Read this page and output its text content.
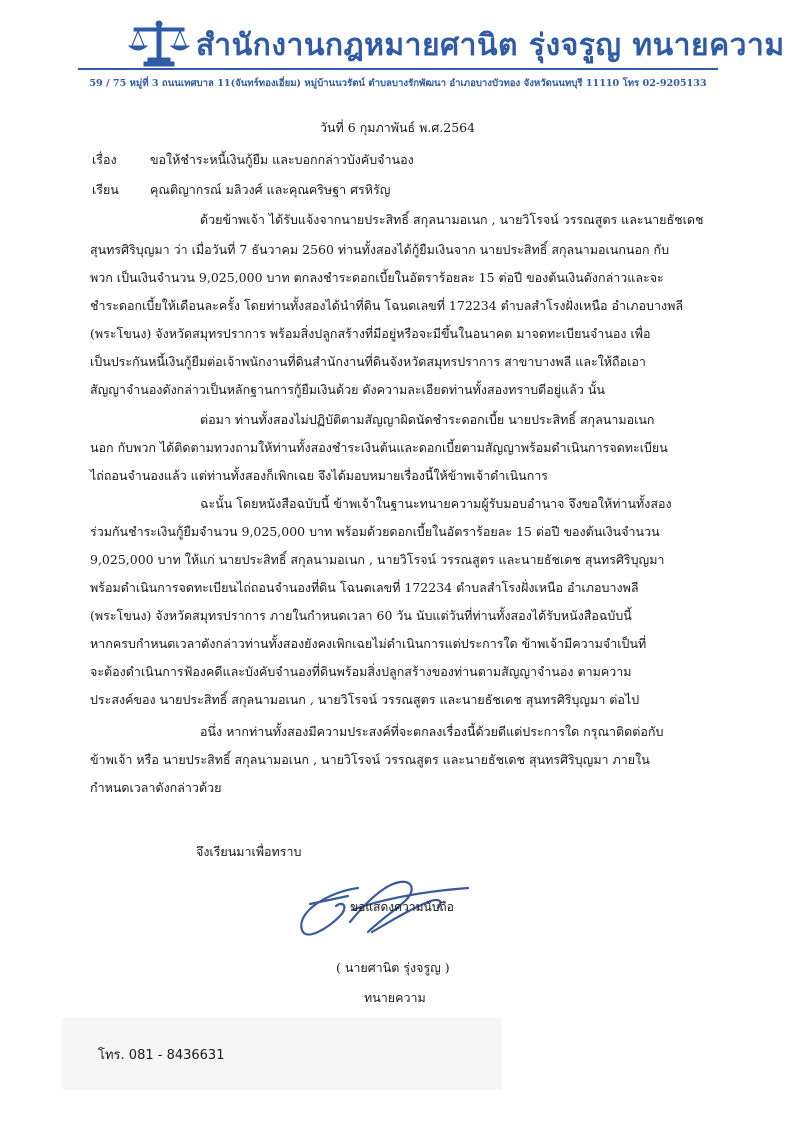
สำนักงานกฎหมายศานิต รุ่งจรูญ ทนายความ
59 / 75 หมู่ที่ 3 ถนนเทศบาล 11(จันทร์ทองเอี่ยม) หมู่บ้านนวรัตน์ ตำบลบางรักพัฒนา อำเภอบางบัวทอง จังหวัดนนทบุรี 11110 โทร 02-9205133
วันที่ 6 กุมภาพันธ์ พ.ศ.2564
เรื่อง	ขอให้ชำระหนี้เงินกู้ยืม และบอกกล่าวบังคับจำนอง
เรียน คุณติญากรณ์ มลิวงศ์ และคุณคริษฐา ศรหิรัญ
ด้วยข้าพเจ้า ได้รับแจ้งจากนายประสิทธิ์ สกุลนามอเนก , นายวิโรจน์ วรรณสูตร และนายธัชเดช
สุนทรศิริบุญมา ว่า เมื่อวันที่ 7 ธันวาคม 2560 ท่านทั้งสองได้กู้ยืมเงินจาก นายประสิทธิ์ สกุลนามอเนกนอก กับ
พวก เป็นเงินจำนวน 9,025,000 บาท ตกลงชำระดอกเบี้ยในอัตราร้อยละ 15 ต่อปี ของต้นเงินดังกล่าวและจะ
ชำระดอกเบี้ยให้เดือนละครั้ง โดยท่านทั้งสองได้นำที่ดิน โฉนดเลขที่ 172234 ตำบลสำโรงฝั่งเหนือ อำเภอบางพลี
(พระโขนง) จังหวัดสมุทรปราการ พร้อมสิ่งปลูกสร้างที่มีอยู่หรือจะมีขึ้นในอนาคต มาจดทะเบียนจำนอง เพื่อ
เป็นประกันหนี้เงินกู้ยืมต่อเจ้าพนักงานที่ดินสำนักงานที่ดินจังหวัดสมุทรปราการ สาขาบางพลี และให้ถือเอา
สัญญาจำนองดังกล่าวเป็นหลักฐานการกู้ยืมเงินด้วย ดังความละเอียดท่านทั้งสองทราบดีอยู่แล้ว นั้น
ต่อมา ท่านทั้งสองไม่ปฏิบัติตามสัญญาผิดนัดชำระดอกเบี้ย นายประสิทธิ์ สกุลนามอเนก
นอก กับพวก ได้ติดตามทวงถามให้ท่านทั้งสองชำระเงินต้นและดอกเบี้ยตามสัญญาพร้อมดำเนินการจดทะเบียน
ไถ่ถอนจำนองแล้ว แต่ท่านทั้งสองก็เพิกเฉย จึงได้มอบหมายเรื่องนี้ให้ข้าพเจ้าดำเนินการ
ฉะนั้น โดยหนังสือฉบับนี้ ข้าพเจ้าในฐานะทนายความผู้รับมอบอำนาจ จึงขอให้ท่านทั้งสอง
ร่วมกันชำระเงินกู้ยืมจำนวน 9,025,000 บาท พร้อมด้วยดอกเบี้ยในอัตราร้อยละ 15 ต่อปี ของต้นเงินจำนวน
9,025,000 บาท ให้แก่ นายประสิทธิ์ สกุลนามอเนก , นายวิโรจน์ วรรณสูตร และนายธัชเดช สุนทรศิริบุญมา
พร้อมดำเนินการจดทะเบียนไถ่ถอนจำนองที่ดิน โฉนดเลขที่ 172234 ตำบลสำโรงฝั่งเหนือ อำเภอบางพลี
(พระโขนง) จังหวัดสมุทรปราการ ภายในกำหนดเวลา 60 วัน นับแต่วันที่ท่านทั้งสองได้รับหนังสือฉบับนี้
หากครบกำหนดเวลาดังกล่าวท่านทั้งสองยังคงเพิกเฉยไม่ดำเนินการแต่ประการใด ข้าพเจ้ามีความจำเป็นที่
จะต้องดำเนินการฟ้องคดีและบังคับจำนองที่ดินพร้อมสิ่งปลูกสร้างของท่านตามสัญญาจำนอง ตามความ
ประสงค์ของ นายประสิทธิ์ สกุลนามอเนก , นายวิโรจน์ วรรณสูตร และนายธัชเดช สุนทรศิริบุญมา ต่อไป
อนึ่ง หากท่านทั้งสองมีความประสงค์ที่จะตกลงเรื่องนี้ด้วยดีแต่ประการใด กรุณาติดต่อกับ
ข้าพเจ้า หรือ นายประสิทธิ์ สกุลนามอเนก , นายวิโรจน์ วรรณสูตร และนายธัชเดช สุนทรศิริบุญมา ภายใน
กำหนดเวลาดังกล่าวด้วย
จึงเรียนมาเพื่อทราบ
ขอแสดงความนับถือ
( นายศานิต รุ่งจรูญ )
ทนายความ
โทร. 081 - 8436631
